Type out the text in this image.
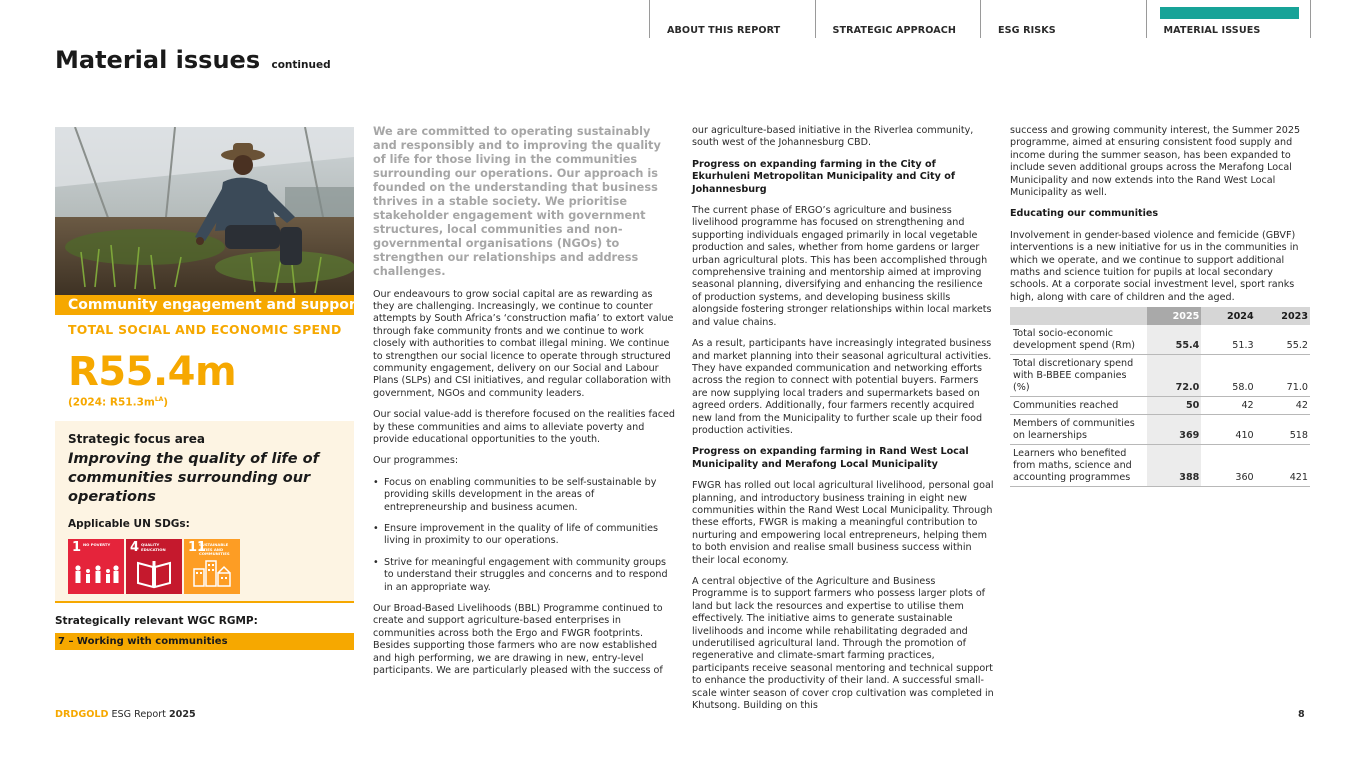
ABOUT THIS REPORT	STRATEGIC APPROACH	ESG RISKS	MATERIAL ISSUES
Material issues continued
Community engagement and support
TOTAL SOCIAL AND ECONOMIC SPEND
R55.4m
(2024: $R51.3m^{LA}$)
Strategic focus area
Improving the quality of life of communities surrounding our operations
Applicable UN SDGs:
1 NO POVERTY	4 QUALITY EDUCATION	11
SUSTAINABLE CITIES AND COMMUNITIES
Strategically relevant WGC RGMP:
7 – Working with communities

We are committed to operating sustainably and responsibly and to improving the quality of life for those living in the communities surrounding our operations. Our approach is founded on the understanding that business thrives in a stable society. We prioritise stakeholder engagement with government structures, local communities and non-governmental organisations (NGOs) to strengthen our relationships and address challenges.

Our endeavours to grow social capital are as rewarding as they are challenging. Increasingly, we continue to counter attempts by South Africa’s ‘construction mafia’ to extort value through fake community fronts and we continue to work closely with authorities to combat illegal mining. We continue to strengthen our social licence to operate through structured community engagement, delivery on our Social and Labour Plans (SLPs) and CSI initiatives, and regular collaboration with government, NGOs and community leaders.

Our social value-add is therefore focused on the realities faced by these communities and aims to alleviate poverty and provide educational opportunities to the youth.

Our programmes:

• Focus on enabling communities to be self-sustainable by providing skills development in the areas of entrepreneurship and business acumen.

• Ensure improvement in the quality of life of communities living in proximity to our operations.

• Strive for meaningful engagement with community groups to understand their struggles and concerns and to respond in an appropriate way.

Our Broad-Based Livelihoods (BBL) Programme continued to create and support agriculture-based enterprises in communities across both the Ergo and FWGR footprints. Besides supporting those farmers who are now established and high performing, we are drawing in new, entry-level participants. We are particularly pleased with the success of

our agriculture-based initiative in the Riverlea community, south west of the Johannesburg CBD.

Progress on expanding farming in the City of Ekurhuleni Metropolitan Municipality and City of Johannesburg

The current phase of ERGO’s agriculture and business livelihood programme has focused on strengthening and supporting individuals engaged primarily in local vegetable production and sales, whether from home gardens or larger urban agricultural plots. This has been accomplished through comprehensive training and mentorship aimed at improving seasonal planning, diversifying and enhancing the resilience of production systems, and developing business skills alongside fostering stronger relationships within local markets and value chains.

As a result, participants have increasingly integrated business and market planning into their seasonal agricultural activities. They have expanded communication and networking efforts across the region to connect with potential buyers. Farmers are now supplying local traders and supermarkets based on agreed orders. Additionally, four farmers recently acquired new land from the Municipality to further scale up their food production activities.

Progress on expanding farming in Rand West Local Municipality and Merafong Local Municipality

FWGR has rolled out local agricultural livelihood, personal goal planning, and introductory business training in eight new communities within the Rand West Local Municipality. Through these efforts, FWGR is making a meaningful contribution to nurturing and empowering local entrepreneurs, helping them to both envision and realise small business success within their local economy.

A central objective of the Agriculture and Business Programme is to support farmers who possess larger plots of land but lack the resources and expertise to utilise them effectively. The initiative aims to generate sustainable livelihoods and income while rehabilitating degraded and underutilised agricultural land. Through the promotion of regenerative and climate-smart farming practices, participants receive seasonal mentoring and technical support to enhance the productivity of their land. A successful small-scale winter season of cover crop cultivation was completed in Khutsong. Building on this

success and growing community interest, the Summer 2025 programme, aimed at ensuring consistent food supply and income during the summer season, has been expanded to include seven additional groups across the Merafong Local Municipality and now extends into the Rand West Local Municipality as well.

Educating our communities

Involvement in gender-based violence and femicide (GBVF) interventions is a new initiative for us in the communities in which we operate, and we continue to support additional maths and science tuition for pupils at local secondary schools. At a corporate social investment level, sport ranks high, along with care of children and the aged.

	2025	2024	2023
Total socio-economic development spend (Rm)	55.4	51.3	55.2
Total discretionary spend with B-BBEE companies (%)	72.0	58.0	71.0
Communities reached	50	42	42
Members of communities on learnerships	369	410	518
Learners who benefited from maths, science and accounting programmes	388	360	421
DRDGOLD ESG Report 2025	8
